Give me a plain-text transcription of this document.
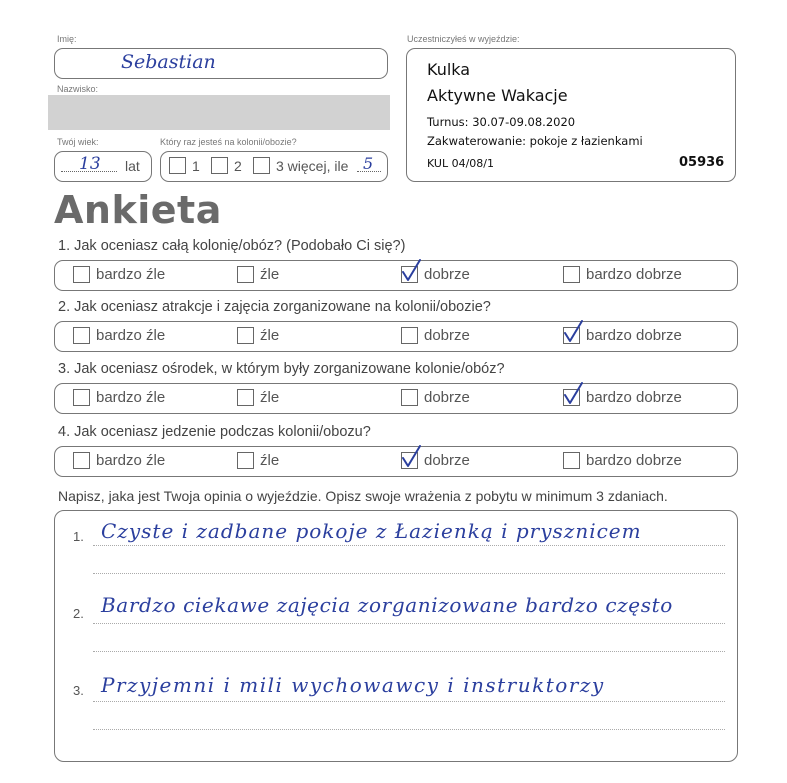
Imię:
Sebastian
Nazwisko:
Twój wiek:	Który raz jesteś na kolonii/obozie?
13 lat	1 2 3 więcej, ile 5
Uczestniczyłeś w wyjeździe:
Kulka
Aktywne Wakacje
Turnus: 30.07-09.08.2020
Zakwaterowanie: pokoje z łazienkami
KUL 04/08/1	05936
Ankieta
1. Jak oceniasz całą kolonię/obóz? (Podobało Ci się?)
bardzo źle	źle	dobrze	bardzo dobrze
2. Jak oceniasz atrakcje i zajęcia zorganizowane na kolonii/obozie?
bardzo źle	źle	dobrze	bardzo dobrze
3. Jak oceniasz ośrodek, w którym były zorganizowane kolonie/obóz?
bardzo źle	źle	dobrze	bardzo dobrze
4. Jak oceniasz jedzenie podczas kolonii/obozu?
bardzo źle	źle	dobrze	bardzo dobrze
Napisz, jaka jest Twoja opinia o wyjeździe. Opisz swoje wrażenia z pobytu w minimum 3 zdaniach.
1. Czyste i zadbane pokoje z Łazienką i prysznicem
2. Bardzo ciekawe zajęcia zorganizowane bardzo często
3. Przyjemni i mili wychowawcy i instruktorzy
